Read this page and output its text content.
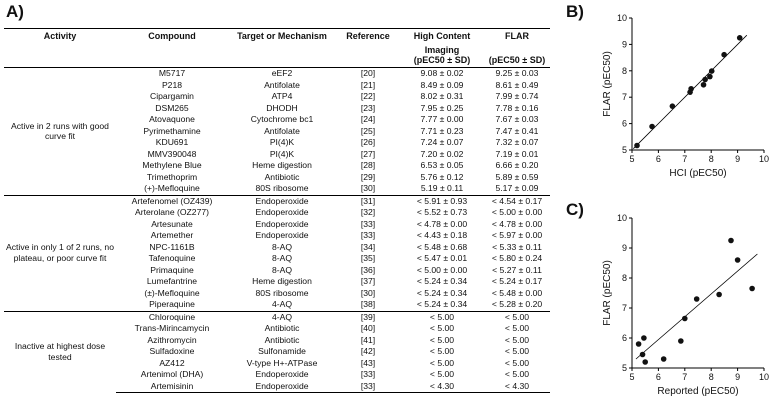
A)	B)
C)
Activity	Compound	Target or Mechanism	Reference	High Content	FLAR
				Imaging	
				(pEC50 ± SD)	(pEC50 ± SD)
Active in 2 runs with good curve fit	M5717	eEF2	[20]	9.08 ± 0.02	9.25 ± 0.03
	P218	Antifolate	[21]	8.49 ± 0.09	8.61 ± 0.49
	Cipargamin	ATP4	[22]	8.02 ± 0.31	7.99 ± 0.74
	DSM265	DHODH	[23]	7.95 ± 0.25	7.78 ± 0.16
	Atovaquone	Cytochrome bc1	[24]	7.77 ± 0.00	7.67 ± 0.03
	Pyrimethamine	Antifolate	[25]	7.71 ± 0.23	7.47 ± 0.41
	KDU691	PI(4)K	[26]	7.24 ± 0.07	7.32 ± 0.07
	MMV390048	PI(4)K	[27]	7.20 ± 0.02	7.19 ± 0.01
	Methylene Blue	Heme digestion	[28]	6.53 ± 0.05	6.66 ± 0.20
	Trimethoprim	Antibiotic	[29]	5.76 ± 0.12	5.89 ± 0.59
	(+)-Mefloquine	80S ribosome	[30]	5.19 ± 0.11	5.17 ± 0.09
Active in only 1 of 2 runs, no plateau, or poor curve fit	Artefenomel (OZ439)	Endoperoxide	[31]	< 5.91 ± 0.93	< 4.54 ± 0.17
	Arterolane (OZ277)	Endoperoxide	[32]	< 5.52 ± 0.73	< 5.00 ± 0.00
	Artesunate	Endoperoxide	[33]	< 4.78 ± 0.00	< 4.78 ± 0.00
	Artemether	Endoperoxide	[33]	< 4.43 ± 0.18	< 5.97 ± 0.00
	NPC-1161B	8-AQ	[34]	< 5.48 ± 0.68	< 5.33 ± 0.11
	Tafenoquine	8-AQ	[35]	< 5.47 ± 0.01	< 5.80 ± 0.24
	Primaquine	8-AQ	[36]	< 5.00 ± 0.00	< 5.27 ± 0.11
	Lumefantrine	Heme digestion	[37]	< 5.24 ± 0.34	< 5.24 ± 0.17
	(±)-Mefloquine	80S ribosome	[30]	< 5.24 ± 0.34	< 5.48 ± 0.00
	Piperaquine	4-AQ	[38]	< 5.24 ± 0.34	< 5.28 ± 0.20
Inactive at highest dose tested	Chloroquine	4-AQ	[39]	< 5.00	< 5.00
	Trans-Mirincamycin	Antibiotic	[40]	< 5.00	< 5.00
	Azithromycin	Antibiotic	[41]	< 5.00	< 5.00
	Sulfadoxine	Sulfonamide	[42]	< 5.00	< 5.00
	AZ412	V-type H+-ATPase	[43]	< 5.00	< 5.00
	Artenimol (DHA)	Endoperoxide	[33]	< 5.00	< 5.00
	Artemisinin	Endoperoxide	[33]	< 4.30	< 4.30
5 6 7 8 9 10
5
6
7
8
9
10
HCI (pEC50)
FLAR (pEC50)
5 6 7 8 9 10
5
6
7
8
9
10
Reported (pEC50)
FLAR (pEC50)
